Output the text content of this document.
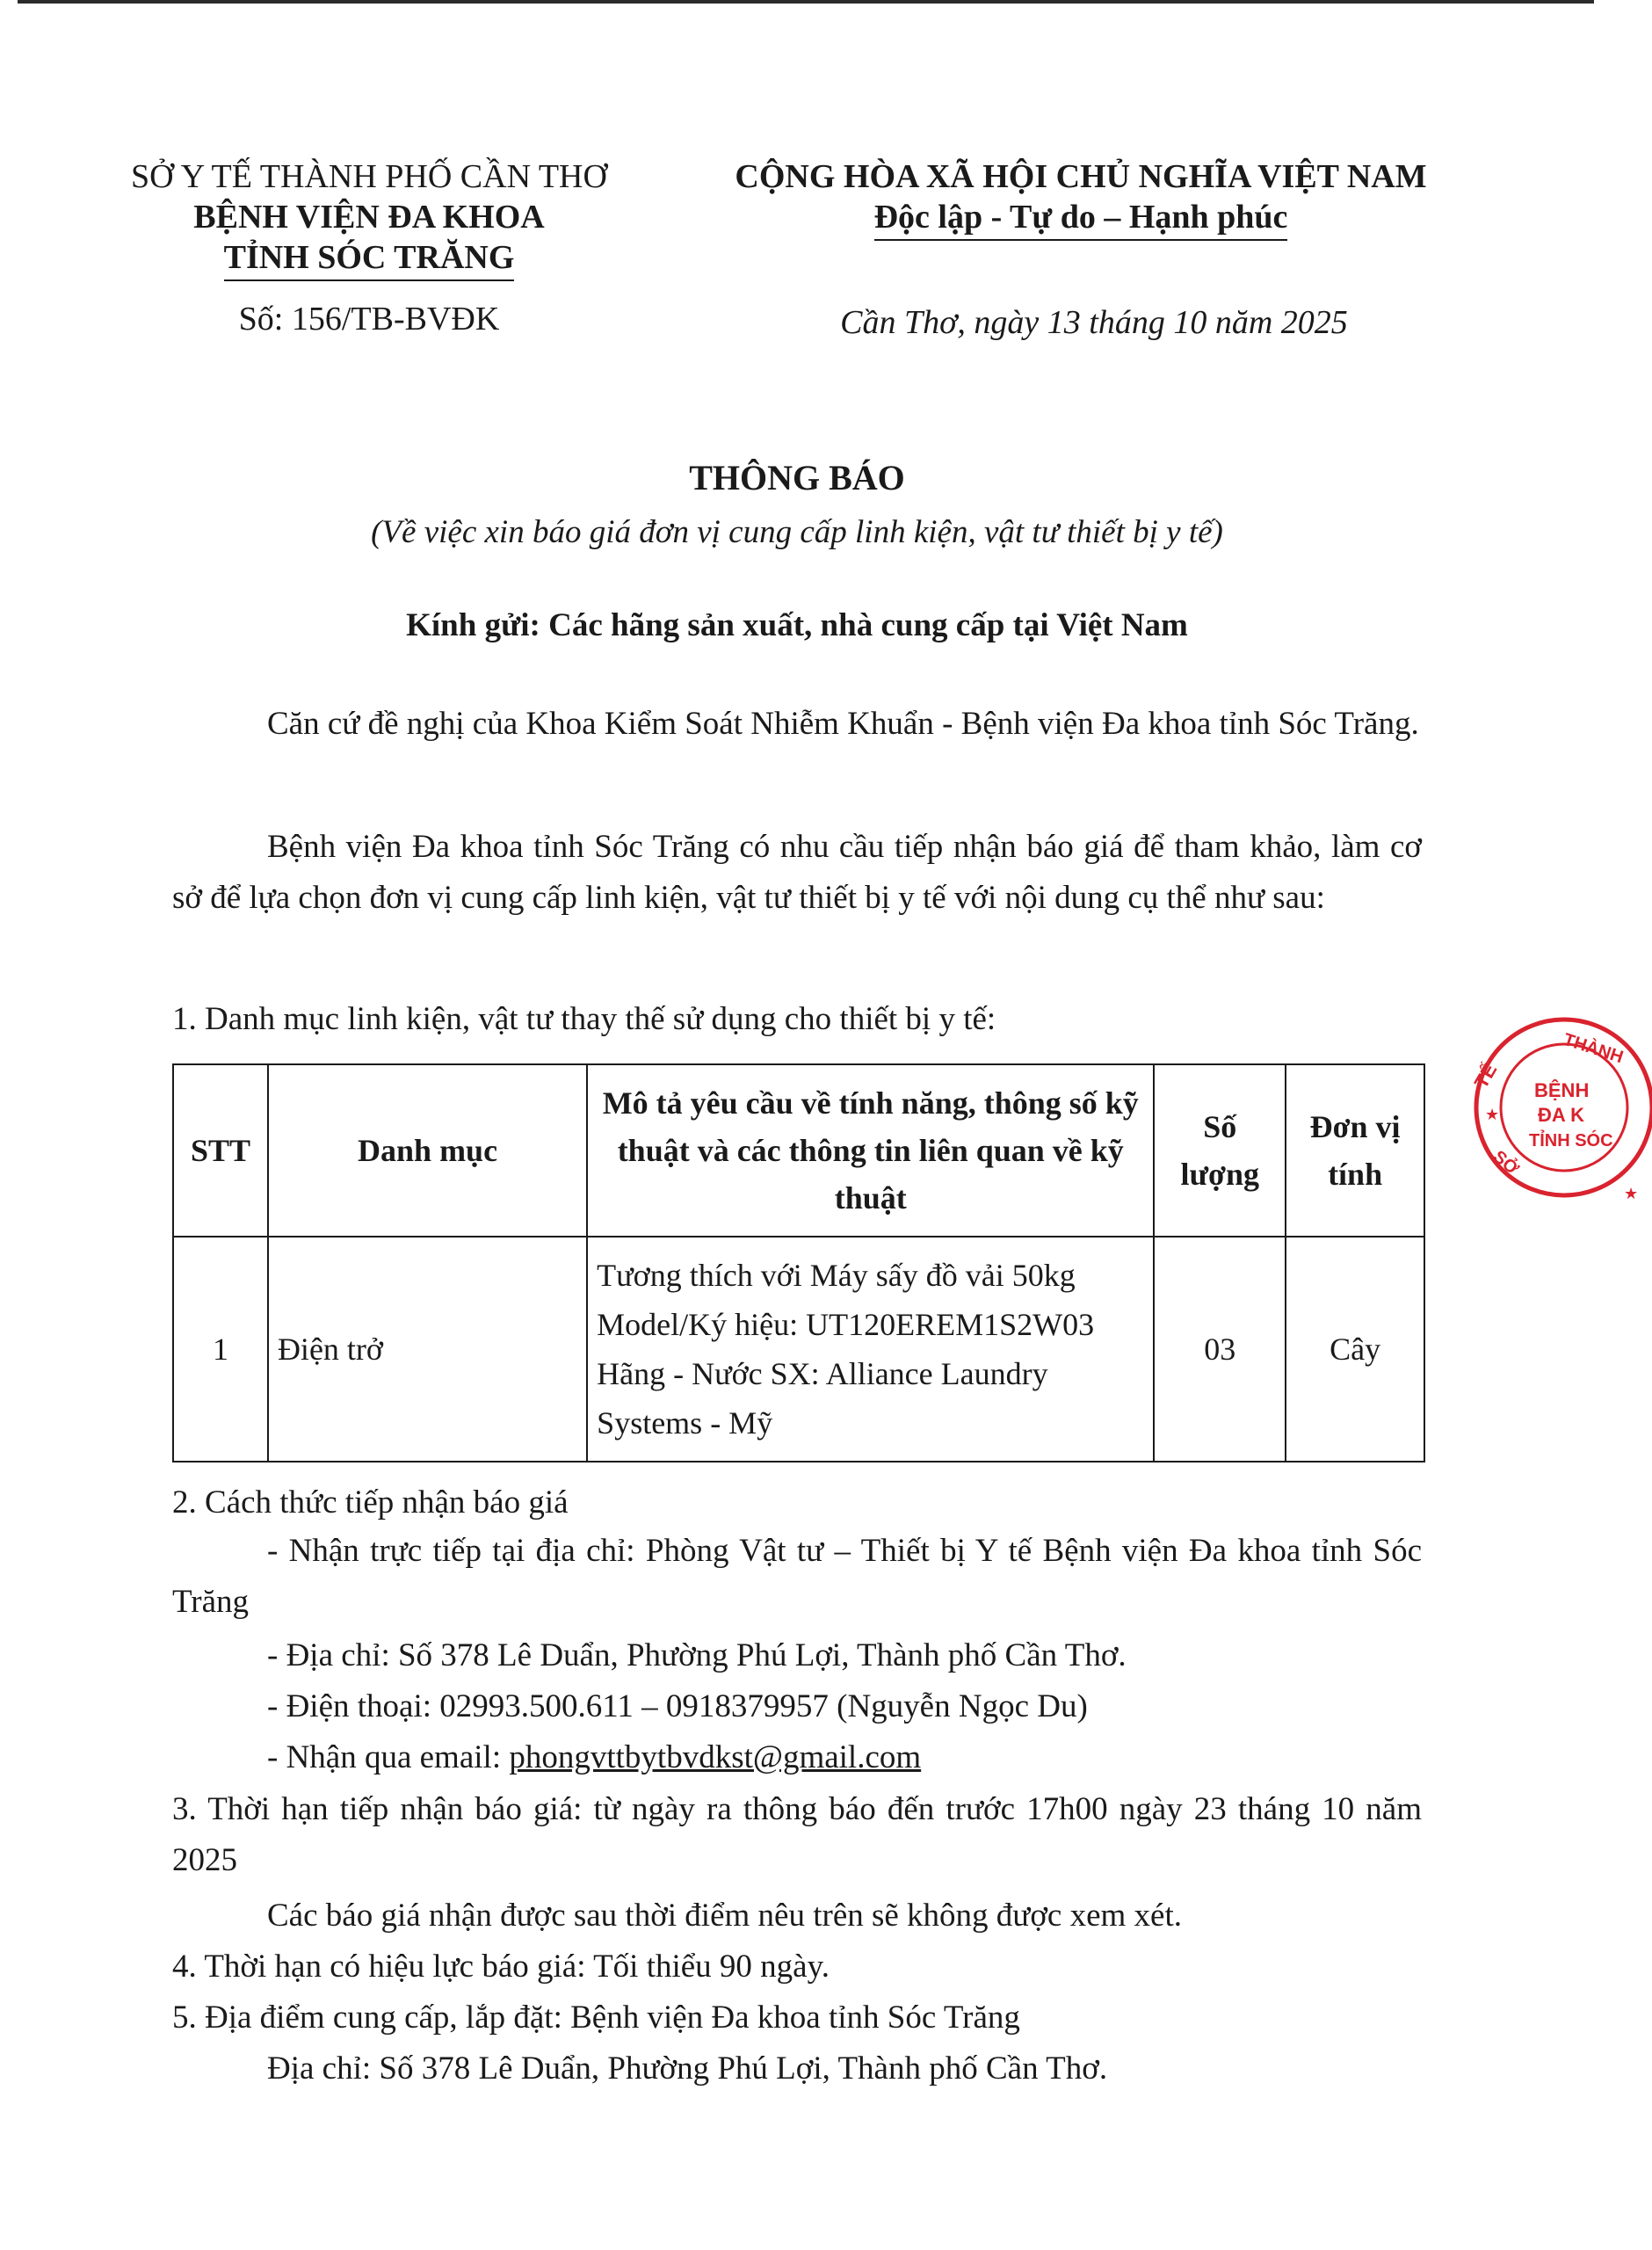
SỞ Y TẾ THÀNH PHỐ CẦN THƠ
BỆNH VIỆN ĐA KHOA
TỈNH SÓC TRĂNG
Số: 156/TB-BVĐK
CỘNG HÒA XÃ HỘI CHỦ NGHĨA VIỆT NAM
Độc lập - Tự do – Hạnh phúc
Cần Thơ, ngày 13 tháng 10 năm 2025
THÔNG BÁO
(Về việc xin báo giá đơn vị cung cấp linh kiện, vật tư thiết bị y tế)
Kính gửi: Các hãng sản xuất, nhà cung cấp tại Việt Nam
Căn cứ đề nghị của Khoa Kiểm Soát Nhiễm Khuẩn - Bệnh viện Đa khoa tỉnh Sóc Trăng.
Bệnh viện Đa khoa tỉnh Sóc Trăng có nhu cầu tiếp nhận báo giá để tham khảo, làm cơ sở để lựa chọn đơn vị cung cấp linh kiện, vật tư thiết bị y tế với nội dung cụ thể như sau:
1. Danh mục linh kiện, vật tư thay thế sử dụng cho thiết bị y tế:
STT	Danh mục	Mô tả yêu cầu về tính năng, thông số kỹ thuật và các thông tin liên quan về kỹ thuật	Số lượng	Đơn vị tính
1	Điện trở	Tương thích với Máy sấy đồ vải 50kg
Model/Ký hiệu: UT120EREM1S2W03
Hãng - Nước SX: Alliance Laundry Systems - Mỹ	03	Cây
2. Cách thức tiếp nhận báo giá
- Nhận trực tiếp tại địa chỉ: Phòng Vật tư – Thiết bị Y tế Bệnh viện Đa khoa tỉnh Sóc Trăng
- Địa chỉ: Số 378 Lê Duẩn, Phường Phú Lợi, Thành phố Cần Thơ.
- Điện thoại: 02993.500.611 – 0918379957 (Nguyễn Ngọc Du)
- Nhận qua email: phongvttbytbvdkst@gmail.com
3. Thời hạn tiếp nhận báo giá: từ ngày ra thông báo đến trước 17h00 ngày 23 tháng 10 năm 2025
Các báo giá nhận được sau thời điểm nêu trên sẽ không được xem xét.
4. Thời hạn có hiệu lực báo giá: Tối thiểu 90 ngày.
5. Địa điểm cung cấp, lắp đặt: Bệnh viện Đa khoa tỉnh Sóc Trăng
Địa chỉ: Số 378 Lê Duẩn, Phường Phú Lợi, Thành phố Cần Thơ.
THÀNH
BỆNH
ĐA K
TỈNH SÓC
TẾ
SỞ
★
★
